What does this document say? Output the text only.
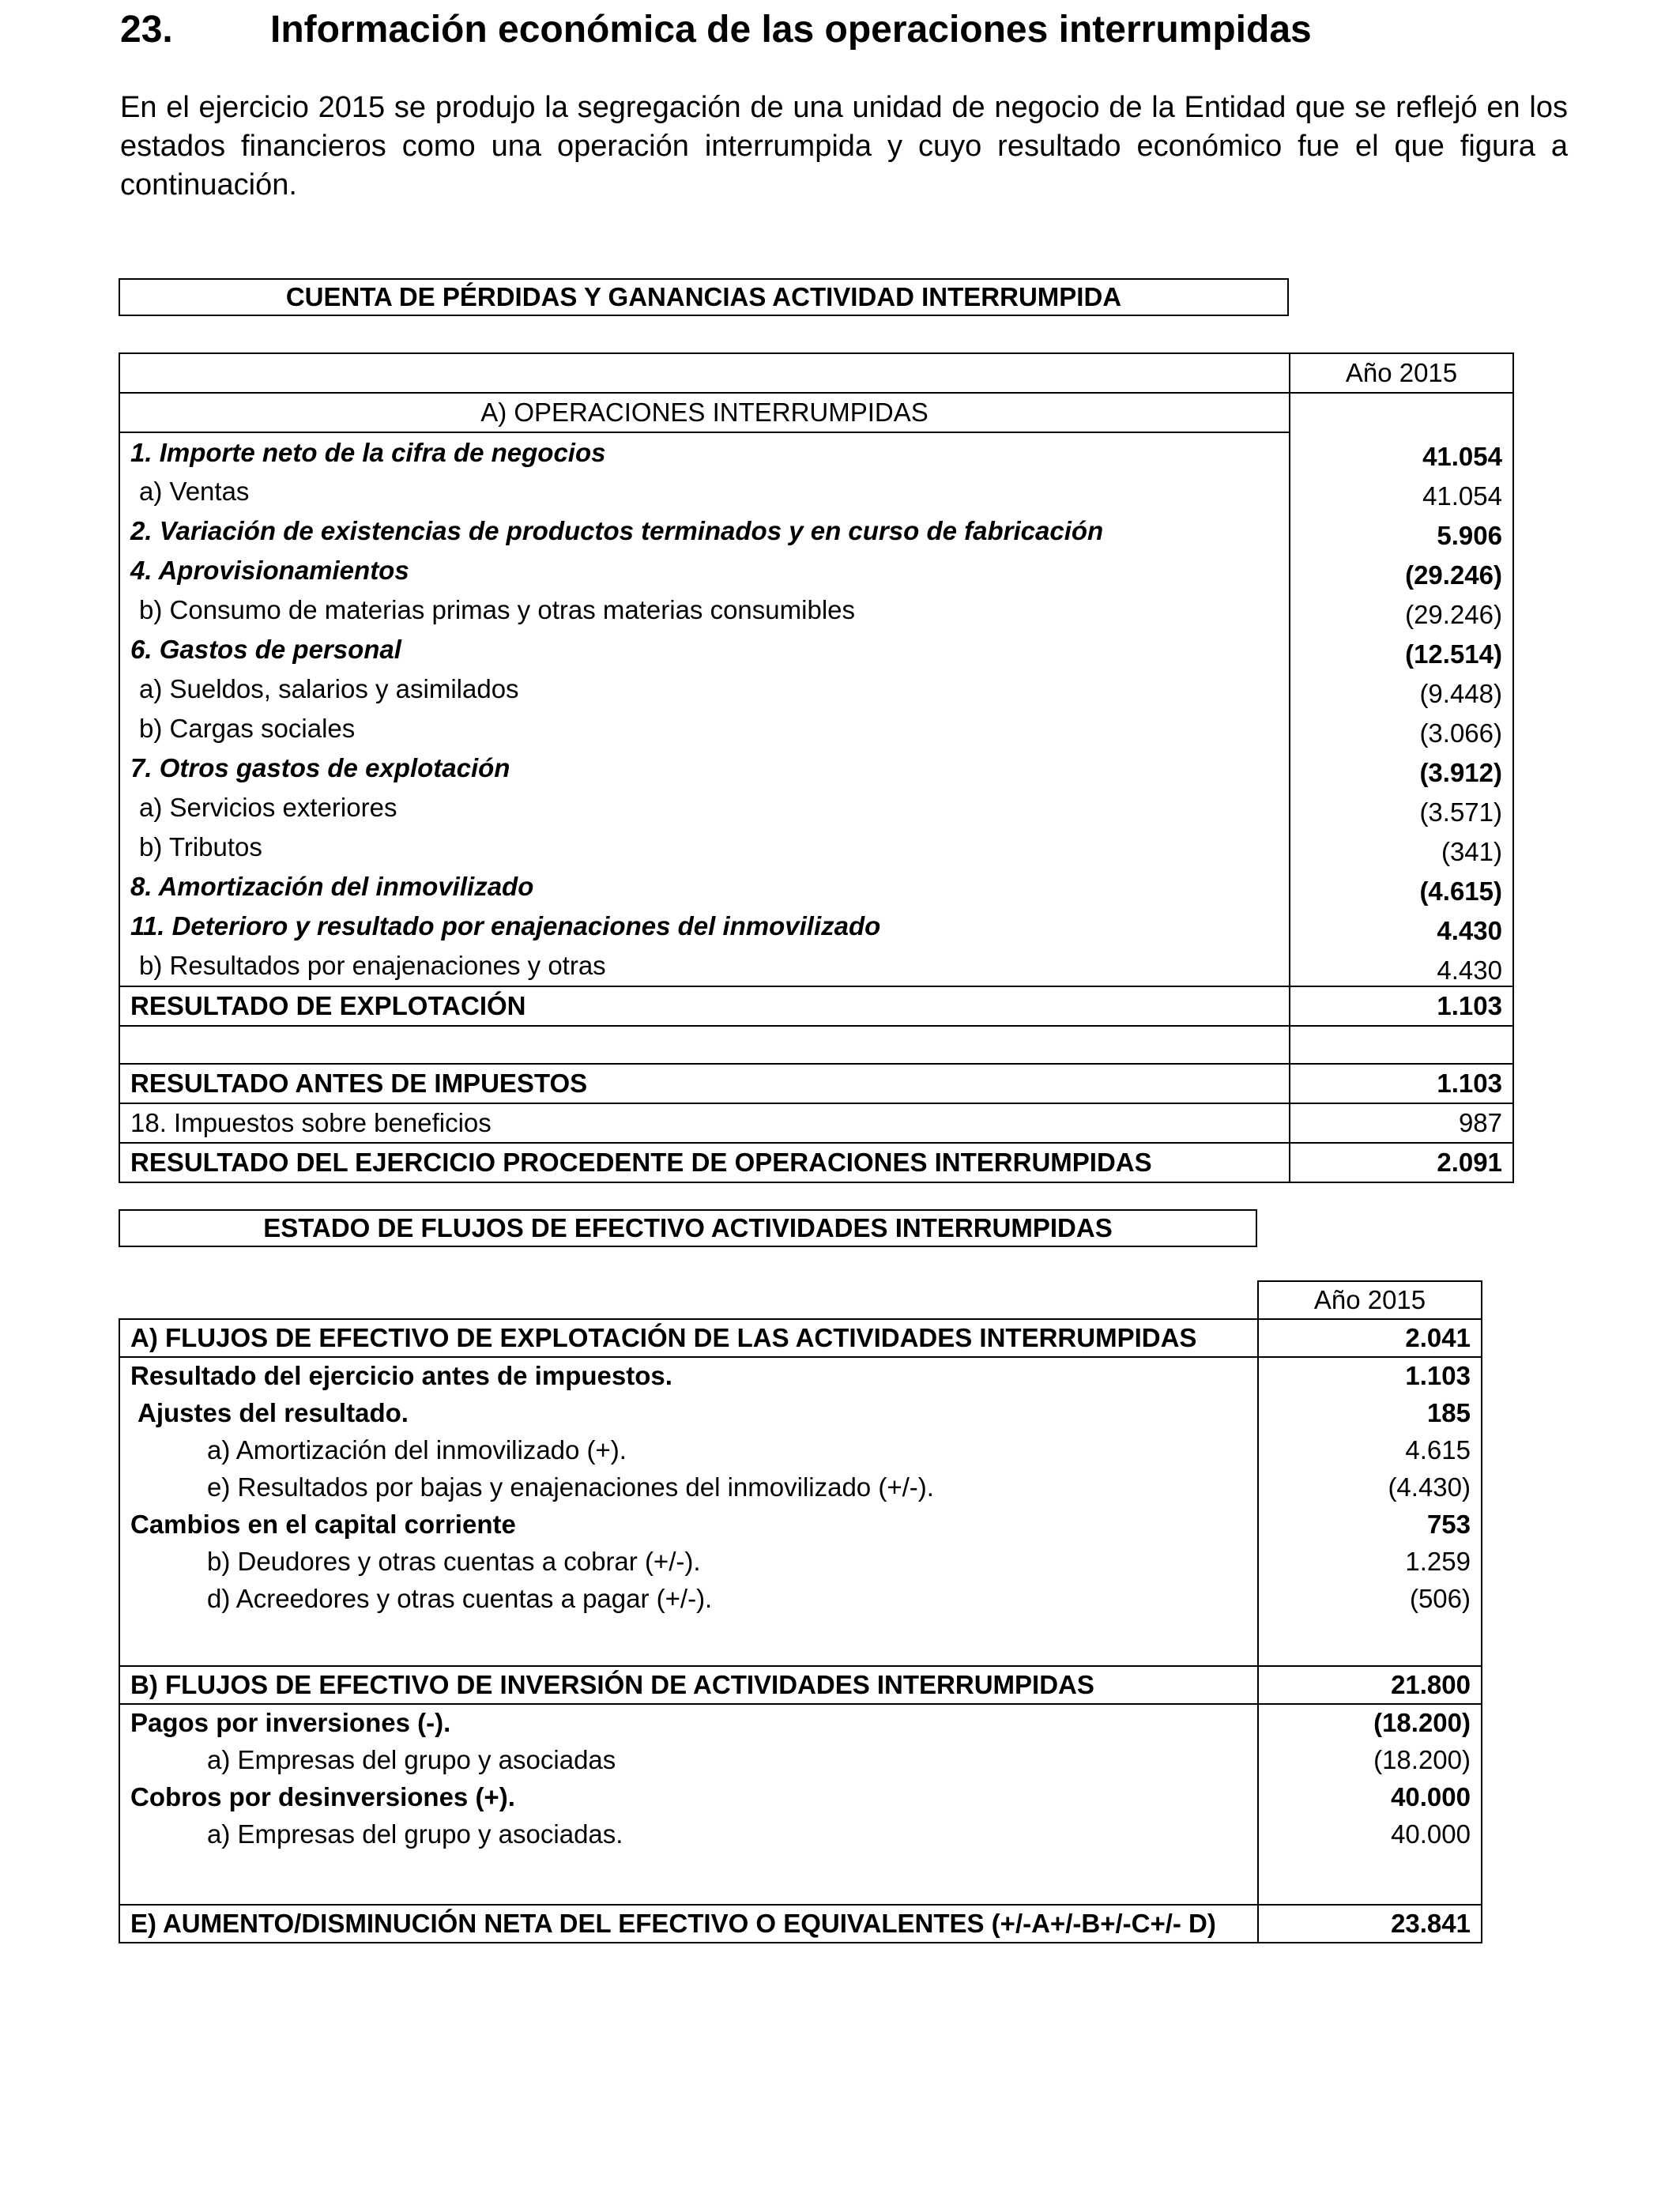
23.	Información económica de las operaciones interrumpidas
En el ejercicio 2015 se produjo la segregación de una unidad de negocio de la Entidad que se reflejó en los estados financieros como una operación interrumpida y cuyo resultado económico fue el que figura a continuación.
CUENTA DE PÉRDIDAS Y GANANCIAS ACTIVIDAD INTERRUMPIDA
	Año 2015
A) OPERACIONES INTERRUMPIDAS	
1. Importe neto de la cifra de negocios	41.054
a) Ventas	41.054
2. Variación de existencias de productos terminados y en curso de fabricación	5.906
4. Aprovisionamientos	(29.246)
b) Consumo de materias primas y otras materias consumibles	(29.246)
6. Gastos de personal	(12.514)
a) Sueldos, salarios y asimilados	(9.448)
b) Cargas sociales	(3.066)
7. Otros gastos de explotación	(3.912)
a) Servicios exteriores	(3.571)
b) Tributos	(341)
8. Amortización del inmovilizado	(4.615)
11. Deterioro y resultado por enajenaciones del inmovilizado	4.430
b) Resultados por enajenaciones y otras	4.430
RESULTADO DE EXPLOTACIÓN	1.103

RESULTADO ANTES DE IMPUESTOS	1.103
18. Impuestos sobre beneficios	987
RESULTADO DEL EJERCICIO PROCEDENTE DE OPERACIONES INTERRUMPIDAS	2.091
ESTADO DE FLUJOS DE EFECTIVO ACTIVIDADES INTERRUMPIDAS
	Año 2015
A) FLUJOS DE EFECTIVO DE EXPLOTACIÓN DE LAS ACTIVIDADES INTERRUMPIDAS	2.041
Resultado del ejercicio antes de impuestos.	1.103
Ajustes del resultado.	185
a) Amortización del inmovilizado (+).	4.615
e) Resultados por bajas y enajenaciones del inmovilizado (+/-).	(4.430)
Cambios en el capital corriente	753
b) Deudores y otras cuentas a cobrar (+/-).	1.259
d) Acreedores y otras cuentas a pagar (+/-).	(506)

B) FLUJOS DE EFECTIVO DE INVERSIÓN DE ACTIVIDADES INTERRUMPIDAS	21.800
Pagos por inversiones (-).	(18.200)
a) Empresas del grupo y asociadas	(18.200)
Cobros por desinversiones (+).	40.000
a) Empresas del grupo y asociadas.	40.000

E) AUMENTO/DISMINUCIÓN NETA DEL EFECTIVO O EQUIVALENTES (+/-A+/-B+/-C+/- D)	23.841
